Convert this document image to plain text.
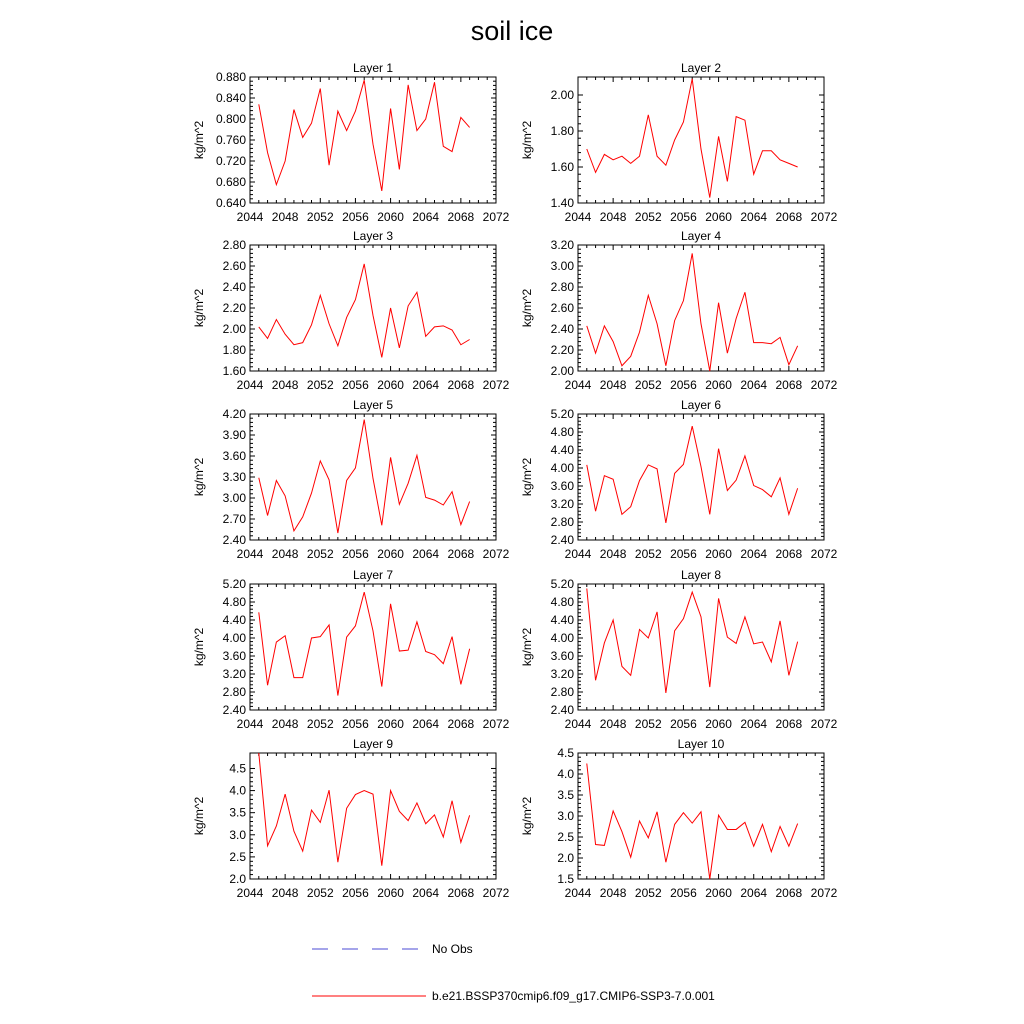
soil ice
Layer 1
2044 2048 2052 2056 2060 2064 2068 2072
0.640
0.680
0.720
0.760
0.800
0.840
0.880
kg/m^2
Layer 2
2044 2048 2052 2056 2060 2064 2068 2072
1.40
1.60
1.80
2.00
kg/m^2
Layer 3
2044 2048 2052 2056 2060 2064 2068 2072
1.60
1.80
2.00
2.20
2.40
2.60
2.80
kg/m^2
Layer 4
2044 2048 2052 2056 2060 2064 2068 2072
2.00
2.20
2.40
2.60
2.80
3.00
3.20
kg/m^2
Layer 5
2044 2048 2052 2056 2060 2064 2068 2072
2.40
2.70
3.00
3.30
3.60
3.90
4.20
kg/m^2
Layer 6
2044 2048 2052 2056 2060 2064 2068 2072
2.40
2.80
3.20
3.60
4.00
4.40
4.80
5.20
kg/m^2
Layer 7
2044 2048 2052 2056 2060 2064 2068 2072
2.40
2.80
3.20
3.60
4.00
4.40
4.80
5.20
kg/m^2
Layer 8
2044 2048 2052 2056 2060 2064 2068 2072
2.40
2.80
3.20
3.60
4.00
4.40
4.80
5.20
kg/m^2
Layer 9
2044 2048 2052 2056 2060 2064 2068 2072
2.0
2.5
3.0
3.5
4.0
4.5
kg/m^2
Layer 10
2044 2048 2052 2056 2060 2064 2068 2072
1.5
2.0
2.5
3.0
3.5
4.0
4.5
kg/m^2
No Obs
b.e21.BSSP370cmip6.f09_g17.CMIP6-SSP3-7.0.001
